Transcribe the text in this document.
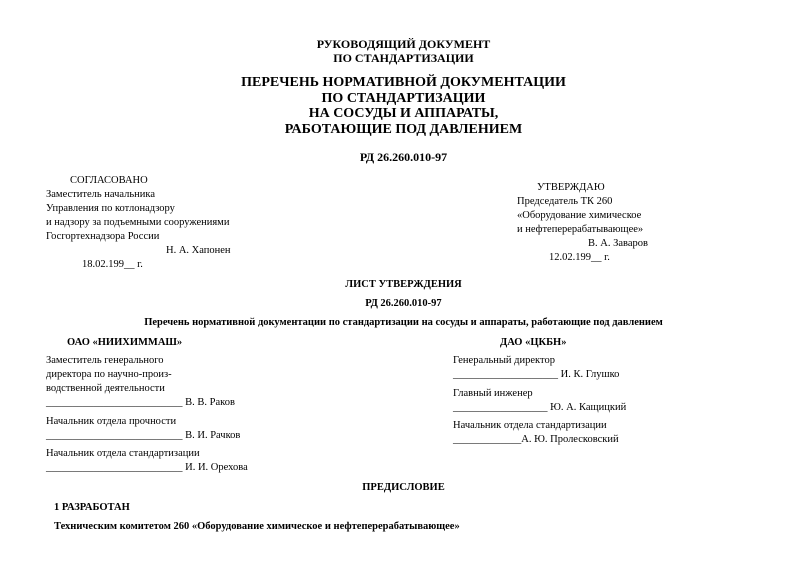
РУКОВОДЯЩИЙ ДОКУМЕНТ
ПО СТАНДАРТИЗАЦИИ
ПЕРЕЧЕНЬ НОРМАТИВНОЙ ДОКУМЕНТАЦИИ
ПО СТАНДАРТИЗАЦИИ
НА СОСУДЫ И АППАРАТЫ,
РАБОТАЮЩИЕ ПОД ДАВЛЕНИЕМ
РД 26.260.010-97
СОГЛАСОВАНО
Заместитель начальника
Управления по котлонадзору
и надзору за подъемными сооружениями
Госгортехнадзора России
Н. А. Хапонен
18.02.199__ г.
УТВЕРЖДАЮ
Председатель ТК 260
«Оборудование химическое
и нефтеперерабатывающее»
В. А. Заваров
12.02.199__ г.
ЛИСТ УТВЕРЖДЕНИЯ
РД 26.260.010-97
Перечень нормативной документации по стандартизации на сосуды и аппараты, работающие под давлением
ОАО «НИИХИММАШ»
Заместитель генерального
директора по научно-произ-
водственной деятельности
__________________________ В. В. Раков
Начальник отдела прочности
__________________________ В. И. Рачков
Начальник отдела стандартизации
__________________________ И. И. Орехова
ДАО «ЦКБН»
Генеральный директор
____________________ И. К. Глушко
Главный инженер
__________________ Ю. А. Кащицкий
Начальник отдела стандартизации
_____________А. Ю. Пролесковский
ПРЕДИСЛОВИЕ
1 РАЗРАБОТАН
Техническим комитетом 260 «Оборудование химическое и нефтеперерабатывающее»
